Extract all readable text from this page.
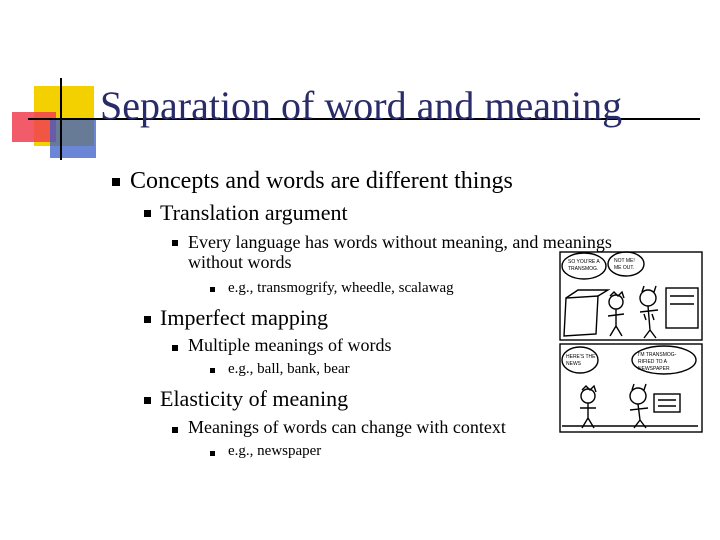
Separation of word and meaning
Concepts and words are different things
Translation argument
Every language has words without meaning, and meanings without words
e.g., transmogrify, wheedle, scalawag
Imperfect mapping
Multiple meanings of words
e.g., ball, bank, bear
Elasticity of meaning
Meanings of words can change with context
e.g., newspaper
SO YOU'RE A
TRANSMOG.
NOT ME!
ME OUT.
HERE'S THE
NEWS
I'M TRANSMOG-
RIFIED TO A
NEWSPAPER
